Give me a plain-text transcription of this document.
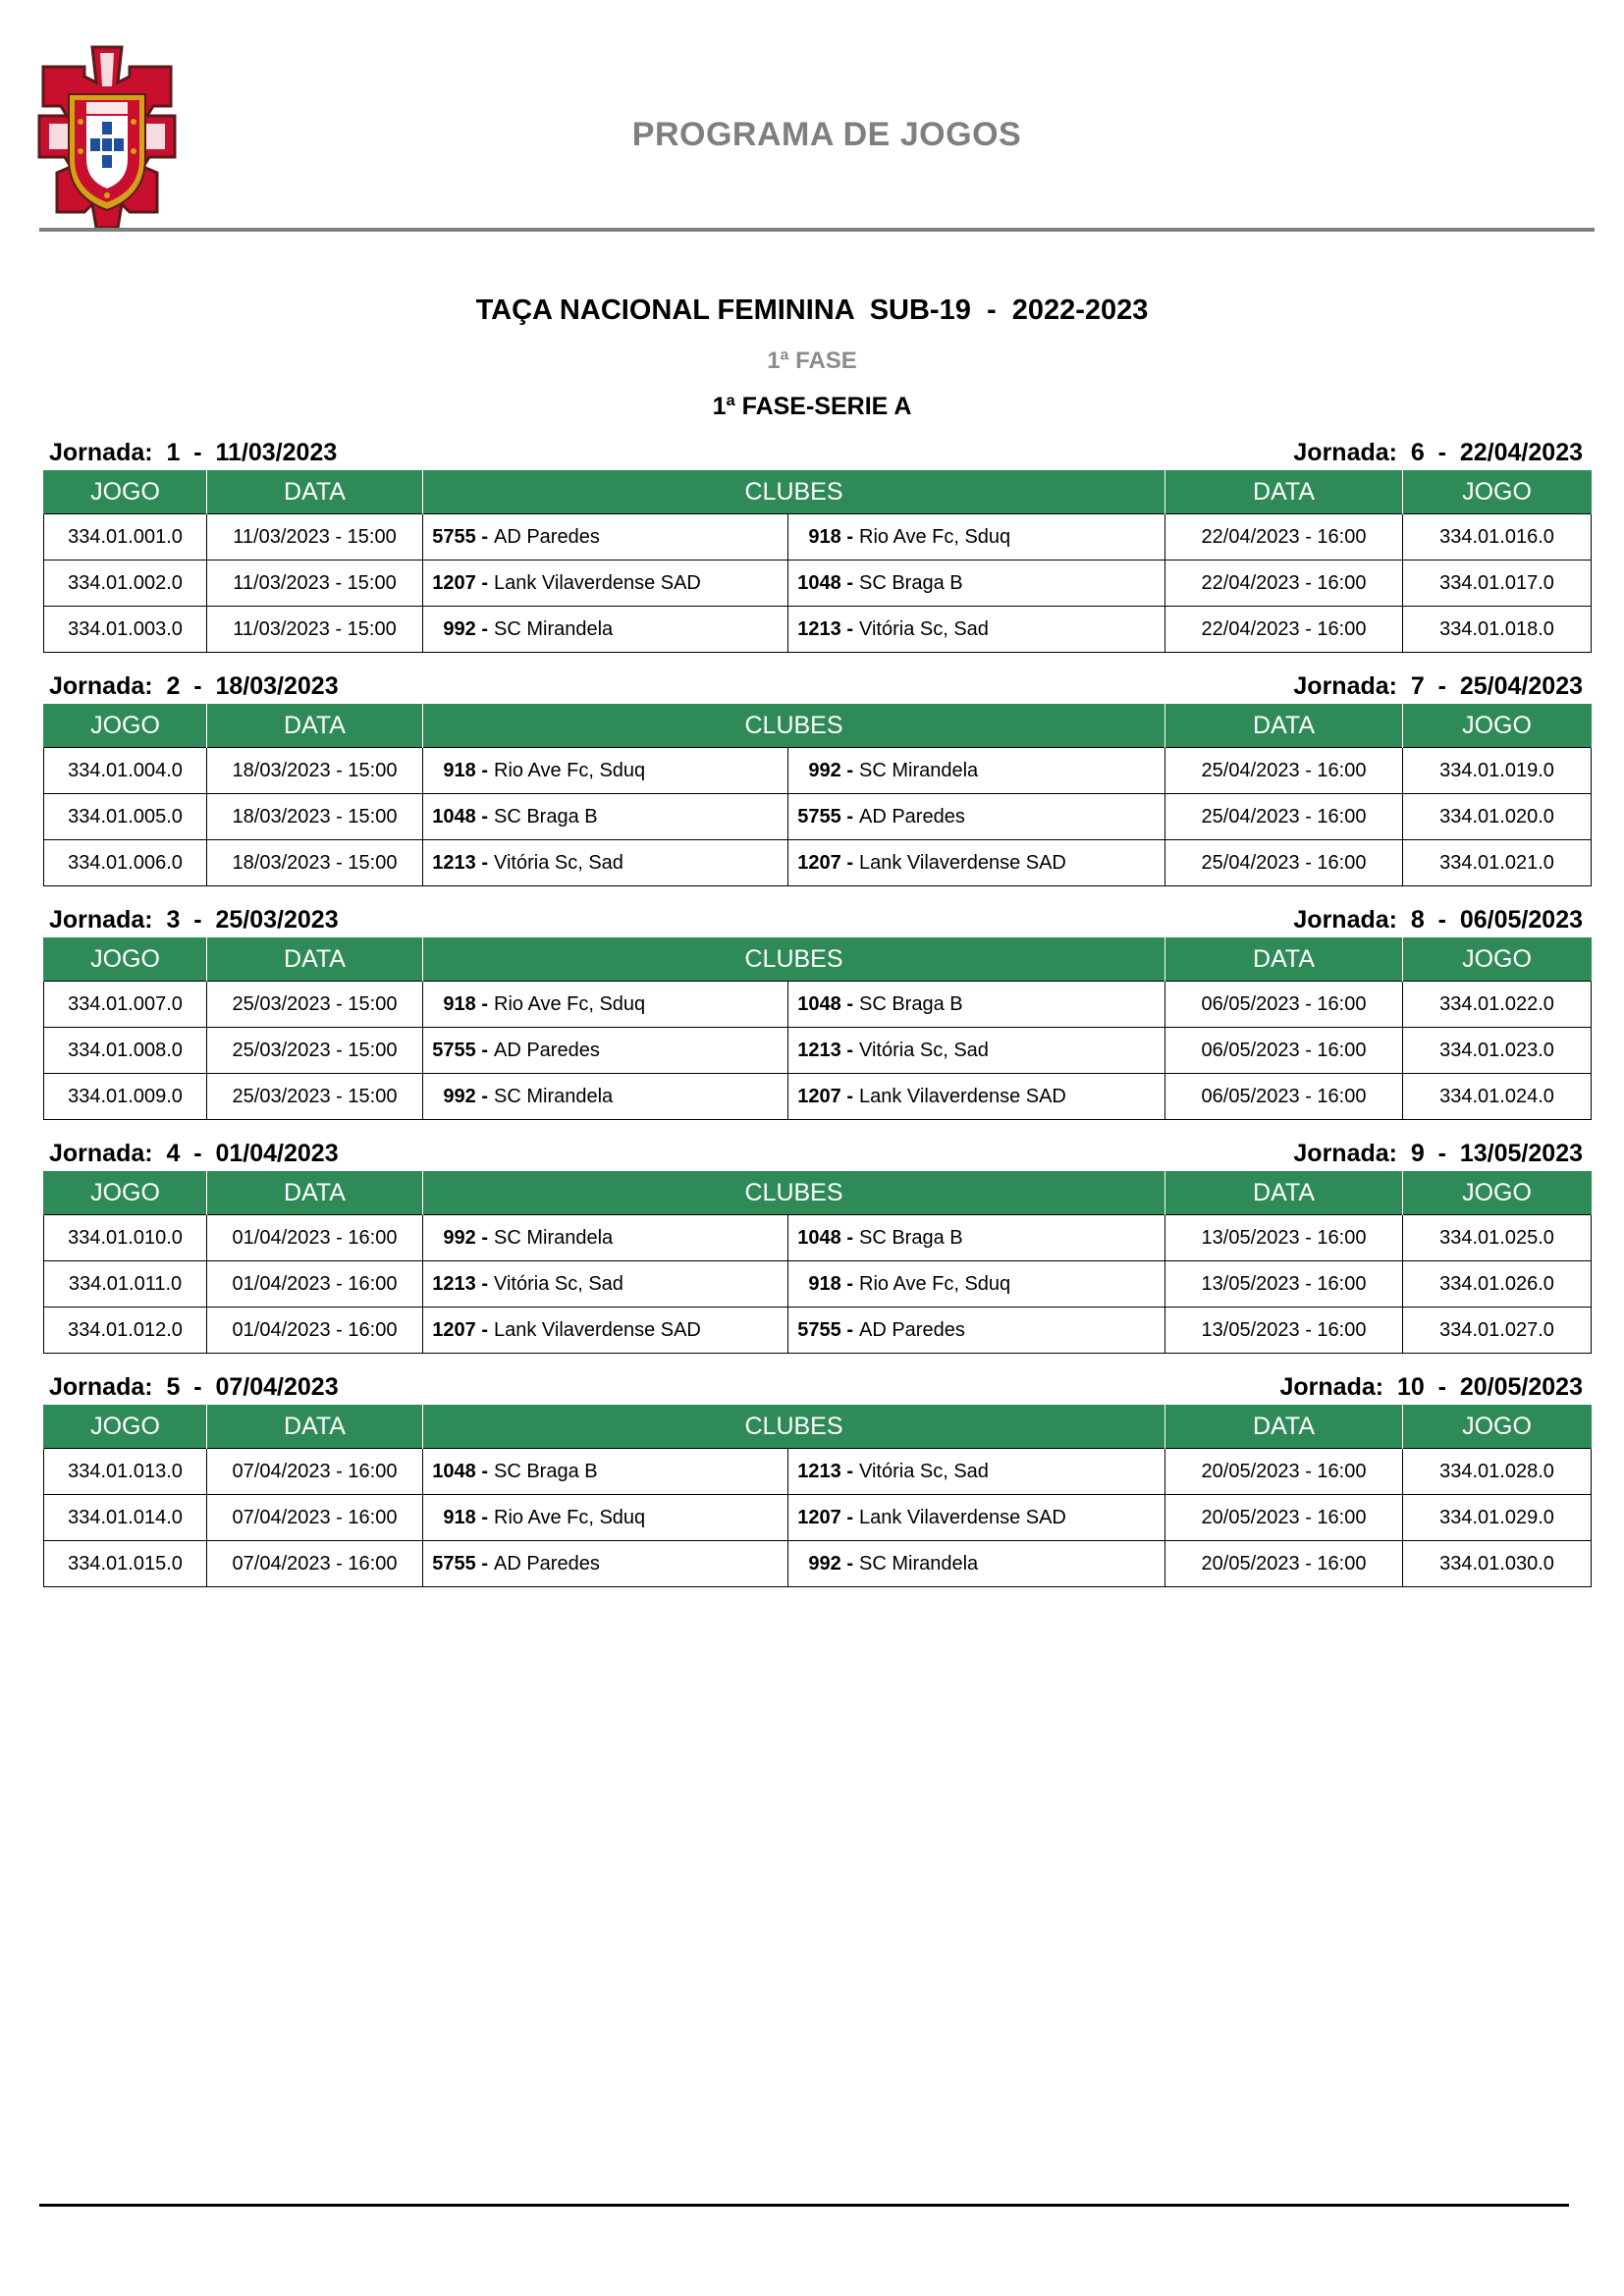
PROGRAMA DE JOGOS
TAÇA NACIONAL FEMININA  SUB-19  -  2022-2023
1ª FASE
1ª FASE-SERIE A
Jornada:  1  -  11/03/2023	Jornada:  6  -  22/04/2023
JOGO	DATA	CLUBES		DATA	JOGO
334.01.001.0	11/03/2023 - 15:00	5755 - AD Paredes	918 - Rio Ave Fc, Sduq	22/04/2023 - 16:00	334.01.016.0
334.01.002.0	11/03/2023 - 15:00	1207 - Lank Vilaverdense SAD	1048 - SC Braga B	22/04/2023 - 16:00	334.01.017.0
334.01.003.0	11/03/2023 - 15:00	992 - SC Mirandela	1213 - Vitória Sc, Sad	22/04/2023 - 16:00	334.01.018.0
Jornada:  2  -  18/03/2023	Jornada:  7  -  25/04/2023
JOGO	DATA	CLUBES		DATA	JOGO
334.01.004.0	18/03/2023 - 15:00	918 - Rio Ave Fc, Sduq	992 - SC Mirandela	25/04/2023 - 16:00	334.01.019.0
334.01.005.0	18/03/2023 - 15:00	1048 - SC Braga B	5755 - AD Paredes	25/04/2023 - 16:00	334.01.020.0
334.01.006.0	18/03/2023 - 15:00	1213 - Vitória Sc, Sad	1207 - Lank Vilaverdense SAD	25/04/2023 - 16:00	334.01.021.0
Jornada:  3  -  25/03/2023	Jornada:  8  -  06/05/2023
JOGO	DATA	CLUBES		DATA	JOGO
334.01.007.0	25/03/2023 - 15:00	918 - Rio Ave Fc, Sduq	1048 - SC Braga B	06/05/2023 - 16:00	334.01.022.0
334.01.008.0	25/03/2023 - 15:00	5755 - AD Paredes	1213 - Vitória Sc, Sad	06/05/2023 - 16:00	334.01.023.0
334.01.009.0	25/03/2023 - 15:00	992 - SC Mirandela	1207 - Lank Vilaverdense SAD	06/05/2023 - 16:00	334.01.024.0
Jornada:  4  -  01/04/2023	Jornada:  9  -  13/05/2023
JOGO	DATA	CLUBES		DATA	JOGO
334.01.010.0	01/04/2023 - 16:00	992 - SC Mirandela	1048 - SC Braga B	13/05/2023 - 16:00	334.01.025.0
334.01.011.0	01/04/2023 - 16:00	1213 - Vitória Sc, Sad	918 - Rio Ave Fc, Sduq	13/05/2023 - 16:00	334.01.026.0
334.01.012.0	01/04/2023 - 16:00	1207 - Lank Vilaverdense SAD	5755 - AD Paredes	13/05/2023 - 16:00	334.01.027.0
Jornada:  5  -  07/04/2023	Jornada:  10  -  20/05/2023
JOGO	DATA	CLUBES		DATA	JOGO
334.01.013.0	07/04/2023 - 16:00	1048 - SC Braga B	1213 - Vitória Sc, Sad	20/05/2023 - 16:00	334.01.028.0
334.01.014.0	07/04/2023 - 16:00	918 - Rio Ave Fc, Sduq	1207 - Lank Vilaverdense SAD	20/05/2023 - 16:00	334.01.029.0
334.01.015.0	07/04/2023 - 16:00	5755 - AD Paredes	992 - SC Mirandela	20/05/2023 - 16:00	334.01.030.0
